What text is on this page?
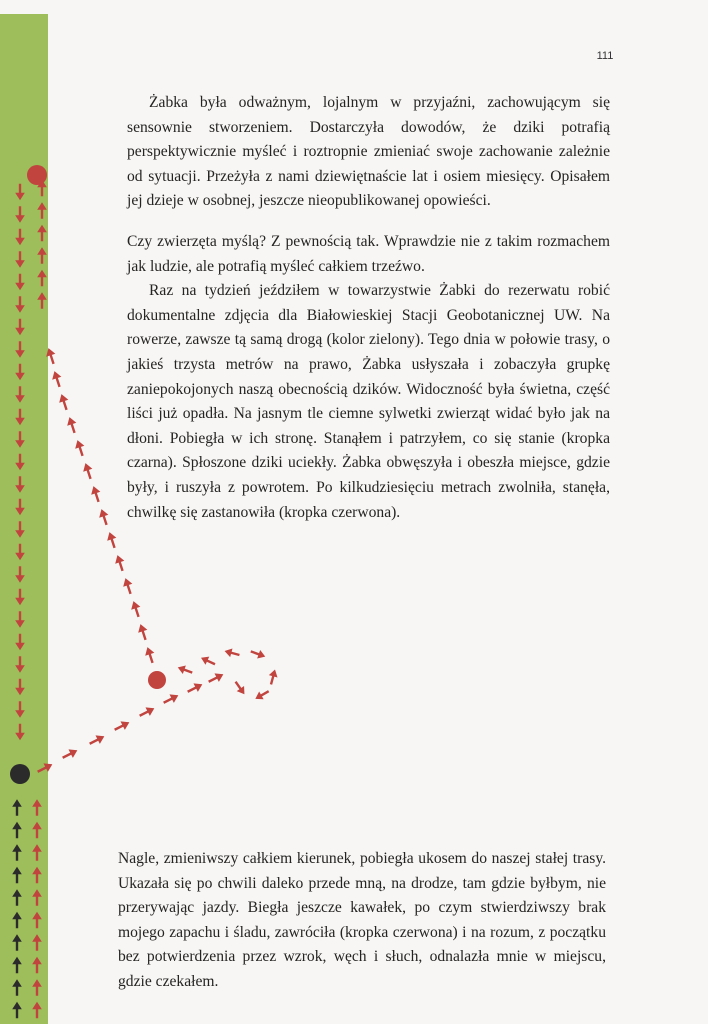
111

Żabka była odważnym, lojalnym w przyjaźni, zachowującym się sensownie stworzeniem. Dostarczyła dowodów, że dziki potrafią perspektywicznie myśleć i roztropnie zmieniać swoje zachowanie zależnie od sytuacji. Przeżyła z nami dziewiętnaście lat i osiem miesięcy. Opisałem jej dzieje w osobnej, jeszcze nieopublikowanej opowieści.

Czy zwierzęta myślą? Z pewnością tak. Wprawdzie nie z takim rozmachem jak ludzie, ale potrafią myśleć całkiem trzeźwo.

Raz na tydzień jeździłem w towarzystwie Żabki do rezerwatu robić dokumentalne zdjęcia dla Białowieskiej Stacji Geobotanicznej UW. Na rowerze, zawsze tą samą drogą (kolor zielony). Tego dnia w połowie trasy, o jakieś trzysta metrów na prawo, Żabka usłyszała i zobaczyła grupkę zaniepokojonych naszą obecnością dzików. Widoczność była świetna, część liści już opadła. Na jasnym tle ciemne sylwetki zwierząt widać było jak na dłoni. Pobiegła w ich stronę. Stanąłem i patrzyłem, co się stanie (kropka czarna). Spłoszone dziki uciekły. Żabka obwęszyła i obeszła miejsce, gdzie były, i ruszyła z powrotem. Po kilkudziesięciu metrach zwolniła, stanęła, chwilkę się zastanowiła (kropka czerwona).

Nagle, zmieniwszy całkiem kierunek, pobiegła ukosem do naszej stałej trasy. Ukazała się po chwili daleko przede mną, na drodze, tam gdzie byłbym, nie przerywając jazdy. Biegła jeszcze kawałek, po czym stwierdziwszy brak mojego zapachu i śladu, zawróciła (kropka czerwona) i na rozum, z początku bez potwierdzenia przez wzrok, węch i słuch, odnalazła mnie w miejscu, gdzie czekałem.
